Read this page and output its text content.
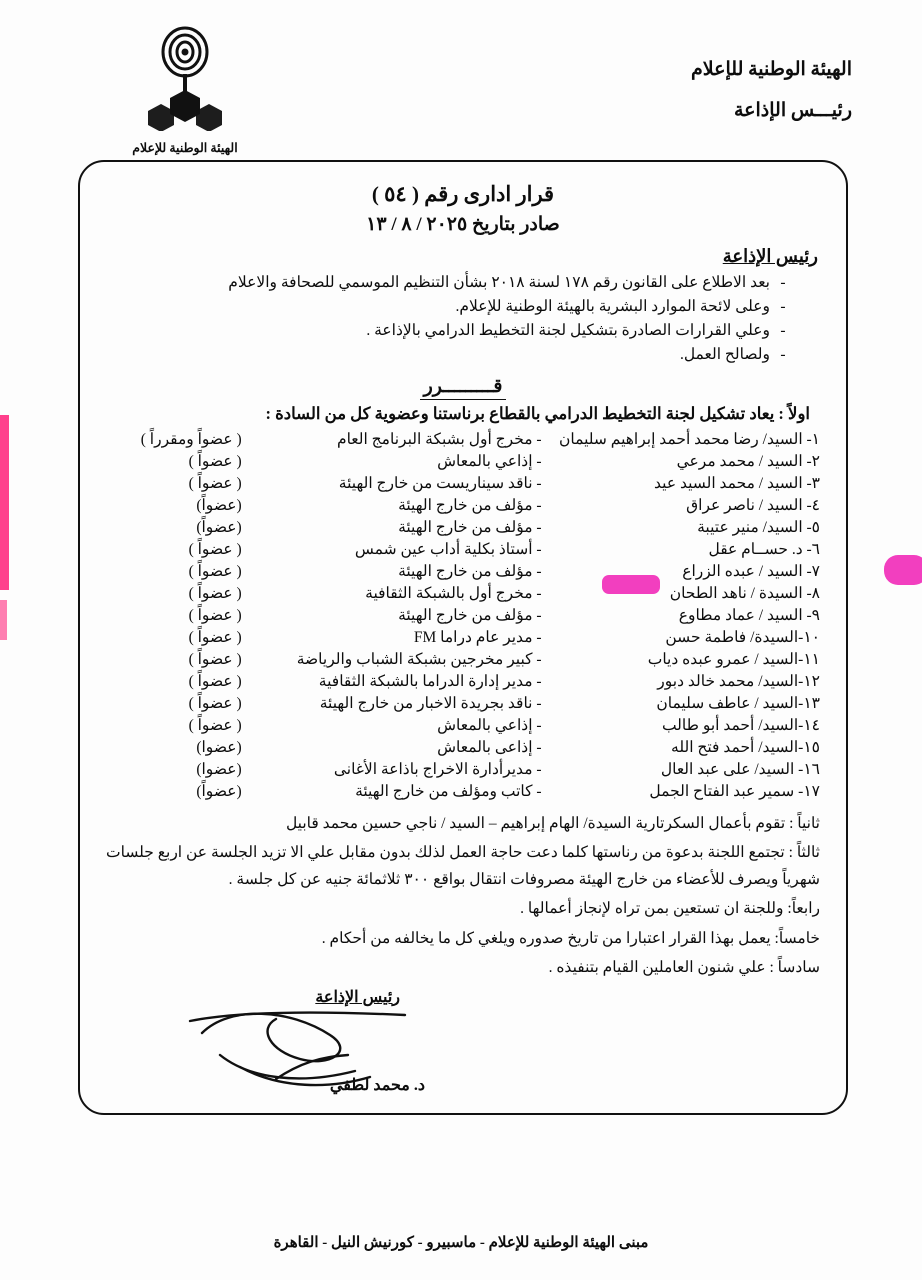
الهيئة الوطنية للإعلام
رئيـــس الإذاعة
الهيئة الوطنية للإعلام
قرار ادارى رقم ( ٥٤ )
صادر بتاريخ ٢٠٢٥ / ٨ / ١٣
رئيس الإذاعة
-
بعد الاطلاع على القانون رقم ١٧٨ لسنة ٢٠١٨ بشأن التنظيم الموسمي للصحافة والاعلام
-
وعلى لائحة الموارد البشرية بالهيئة الوطنية للإعلام.
-
وعلي القرارات الصادرة بتشكيل لجنة التخطيط الدرامي بالإذاعة .
-
ولصالح العمل.
قـــــــــرر
اولاً : يعاد تشكيل لجنة التخطيط الدرامي بالقطاع برناستنا وعضوية كل من السادة :
١- السيد/ رضا محمد أحمد إبراهيم سليمان	- مخرج أول بشبكة البرنامج العام	( عضواً ومقرراً )
٢- السيد / محمد مرعي	- إذاعي بالمعاش	( عضواً )
٣- السيد / محمد السيد عيد	- ناقد سيناريست من خارج الهيئة	( عضواً )
٤- السيد / ناصر عراق	- مؤلف من خارج الهيئة	(عضواً)
٥- السيد/ منير عتيبة	- مؤلف من خارج الهيئة	(عضواً)
٦- د. حســام عقل	- أستاذ بكلية أداب عين شمس	( عضواً )
٧- السيد / عبده الزراع	- مؤلف من خارج الهيئة	( عضواً )
٨- السيدة / ناهد الطحان	- مخرج أول بالشبكة الثقافية	( عضواً )
٩- السيد / عماد مطاوع	- مؤلف من خارج الهيئة	( عضواً )
١٠-السيدة/ فاطمة حسن	- مدير عام دراما FM	( عضواً )
١١-السيد / عمرو عبده دياب	- كبير مخرجين بشبكة الشباب والرياضة	( عضواً )
١٢-السيد/ محمد خالد دبور	- مدير إدارة الدراما بالشبكة الثقافية	( عضواً )
١٣-السيد / عاطف سليمان	- ناقد بجريدة الاخبار من خارج الهيئة	( عضواً )
١٤-السيد/ أحمد أبو طالب	- إذاعي بالمعاش	( عضواً )
١٥-السيد/ أحمد فتح الله	- إذاعى بالمعاش	(عضوا)
١٦- السيد/ على عبد العال	- مديرأدارة الاخراج باذاعة الأغانى	(عضوا)
١٧- سمير عبد الفتاح الجمل	- كاتب ومؤلف من خارج الهيئة	(عضواً)
ثانياً : تقوم بأعمال السكرتارية السيدة/ الهام إبراهيم – السيد / ناجي حسين محمد قابيل
ثالثاً : تجتمع اللجنة بدعوة من رناستها كلما دعت حاجة العمل لذلك بدون مقابل علي الا تزيد الجلسة عن اربع جلسات شهرياً ويصرف للأعضاء من خارج الهيئة مصروفات انتقال بواقع ٣٠٠ ثلاثمائة جنيه عن كل جلسة .
رابعاً: وللجنة ان تستعين بمن تراه لإنجاز أعمالها .
خامساً: يعمل بهذا القرار اعتبارا من تاريخ صدوره ويلغي كل ما يخالفه من أحكام .
سادساً : علي شنون العاملين القيام بتنفيذه .
رئيس الإذاعة
د. محمد لطفي
مبنى الهيئة الوطنية للإعلام - ماسبيرو - كورنيش النيل - القاهرة
